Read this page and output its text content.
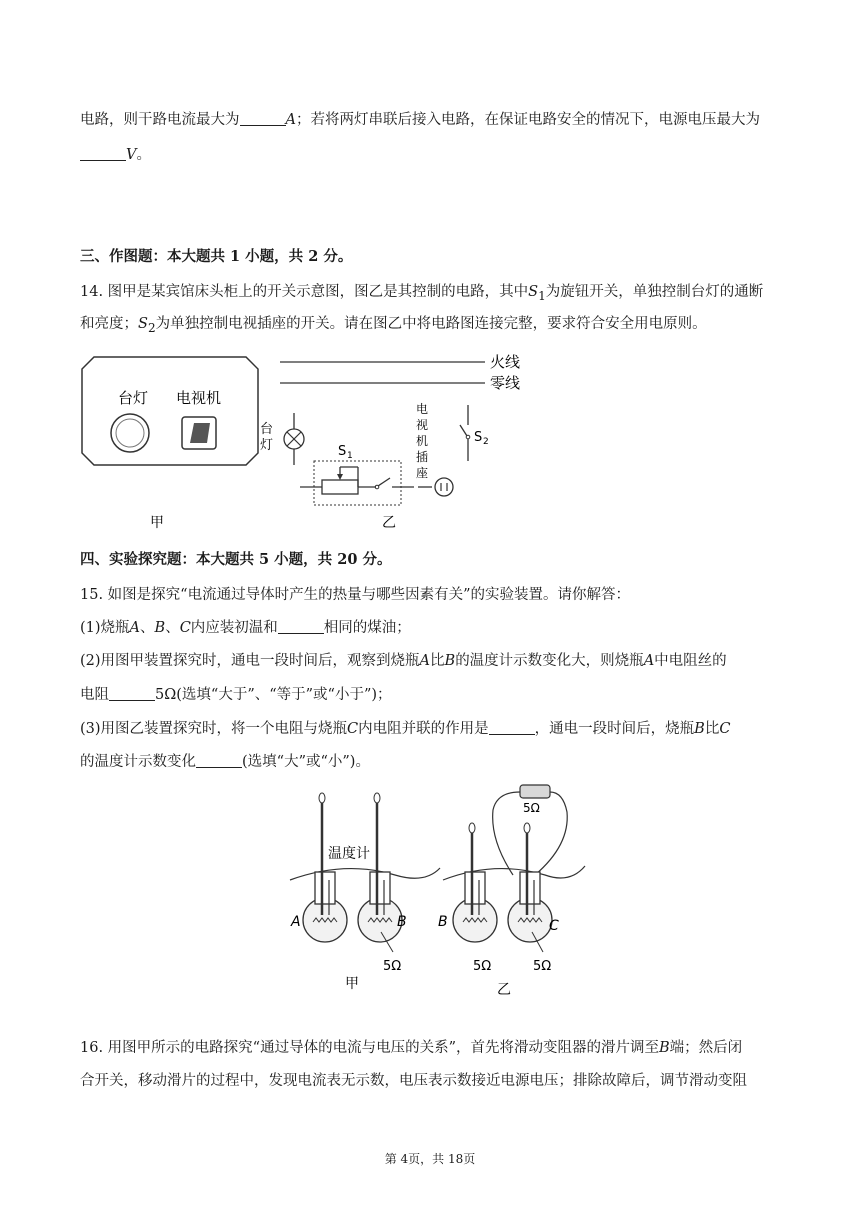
电路，则干路电流最大为	A；若将两灯串联后接入电路，在保证电路安全的情况下，电源电压最大为
V。
三、作图题：本大题共 1 小题，共 2 分。
14. 图甲是某宾馆床头柜上的开关示意图，图乙是其控制的电路，其中$S_1$为旋钮开关，单独控制台灯的通断
和亮度；$S_2$为单独控制电视插座的开关。请在图乙中将电路图连接完整，要求符合安全用电原则。
台灯 电视机
甲
火线
零线
台
灯	S 1
电
视
机
插
座
S 2
乙
四、实验探究题：本大题共 5 小题，共 20 分。
15. 如图是探究“电流通过导体时产生的热量与哪些因素有关”的实验装置。请你解答：
(1)烧瓶A、B、C内应装初温和	相同的煤油；
(2)用图甲装置探究时，通电一段时间后，观察到烧瓶A比B的温度计示数变化大，则烧瓶A中电阻丝的
电阻	5Ω(选填“大于”、“等于”或“小于”)；
(3)用图乙装置探究时，将一个电阻与烧瓶C内电阻并联的作用是	，通电一段时间后，烧瓶B比C
的温度计示数变化	(选填“大”或“小”)。
A	B
温度计
5Ω
甲
5Ω
B
5Ω
C
5Ω
乙
16. 用图甲所示的电路探究“通过导体的电流与电压的关系”，首先将滑动变阻器的滑片调至B端；然后闭
合开关，移动滑片的过程中，发现电流表无示数，电压表示数接近电源电压；排除故障后，调节滑动变阻
第 4页，共 18页
